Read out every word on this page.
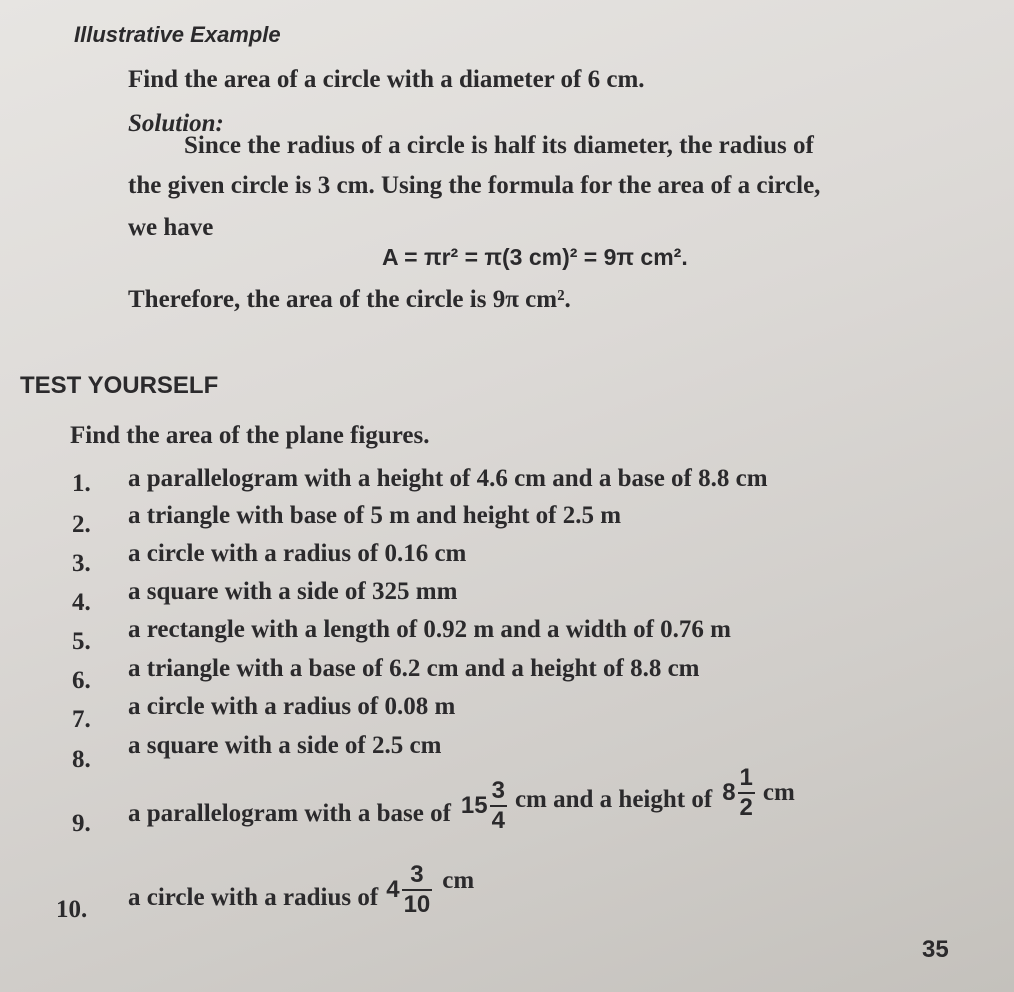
Illustrative Example
Find the area of a circle with a diameter of 6 cm.
Solution:
Since the radius of a circle is half its diameter, the radius of
the given circle is 3 cm. Using the formula for the area of a circle,
we have
A = πr² = π(3 cm)² = 9π cm².
Therefore, the area of the circle is 9π cm².
TEST YOURSELF
Find the area of the plane figures.
1. a parallelogram with a height of 4.6 cm and a base of 8.8 cm
2. a triangle with base of 5 m and height of 2.5 m
3. a circle with a radius of 0.16 cm
4. a square with a side of 325 mm
5. a rectangle with a length of 0.92 m and a width of 0.76 m
6. a triangle with a base of 6.2 cm and a height of 8.8 cm
7. a circle with a radius of 0.08 m
8.
a square with a side of 2.5 cm
9. a parallelogram with a base of $15 \frac{3}{4}$ cm and a height of $8 \frac{1}{2}$ cm
10. a circle with a radius of $4 \frac{3}{10}$ cm
35
